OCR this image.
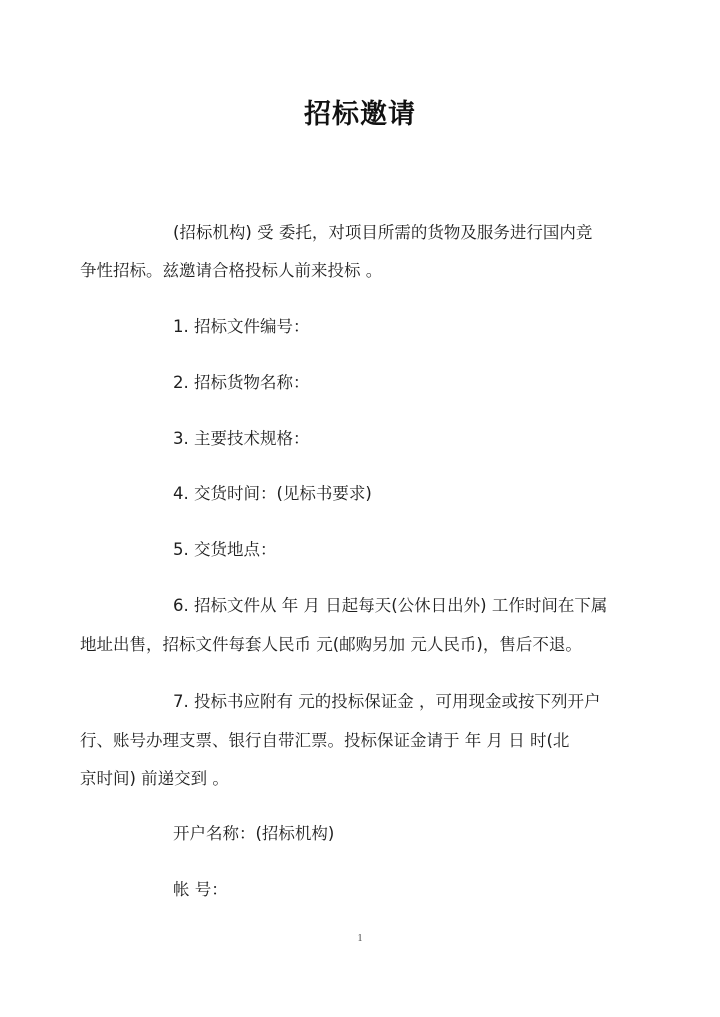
招标邀请
(招标机构) 受 委托，对项目所需的货物及服务进行国内竞
争性招标。兹邀请合格投标人前来投标 。
1. 招标文件编号：
2. 招标货物名称：
3. 主要技术规格：
4. 交货时间：(见标书要求)
5. 交货地点：
6. 招标文件从 年 月 日起每天(公休日出外) 工作时间在下属
地址出售，招标文件每套人民币 元(邮购另加 元人民币)，售后不退。
7. 投标书应附有 元的投标保证金 ，可用现金或按下列开户
行、账号办理支票、银行自带汇票。投标保证金请于 年 月 日 时(北
京时间) 前递交到 。
开户名称：(招标机构)
帐 号：
1
